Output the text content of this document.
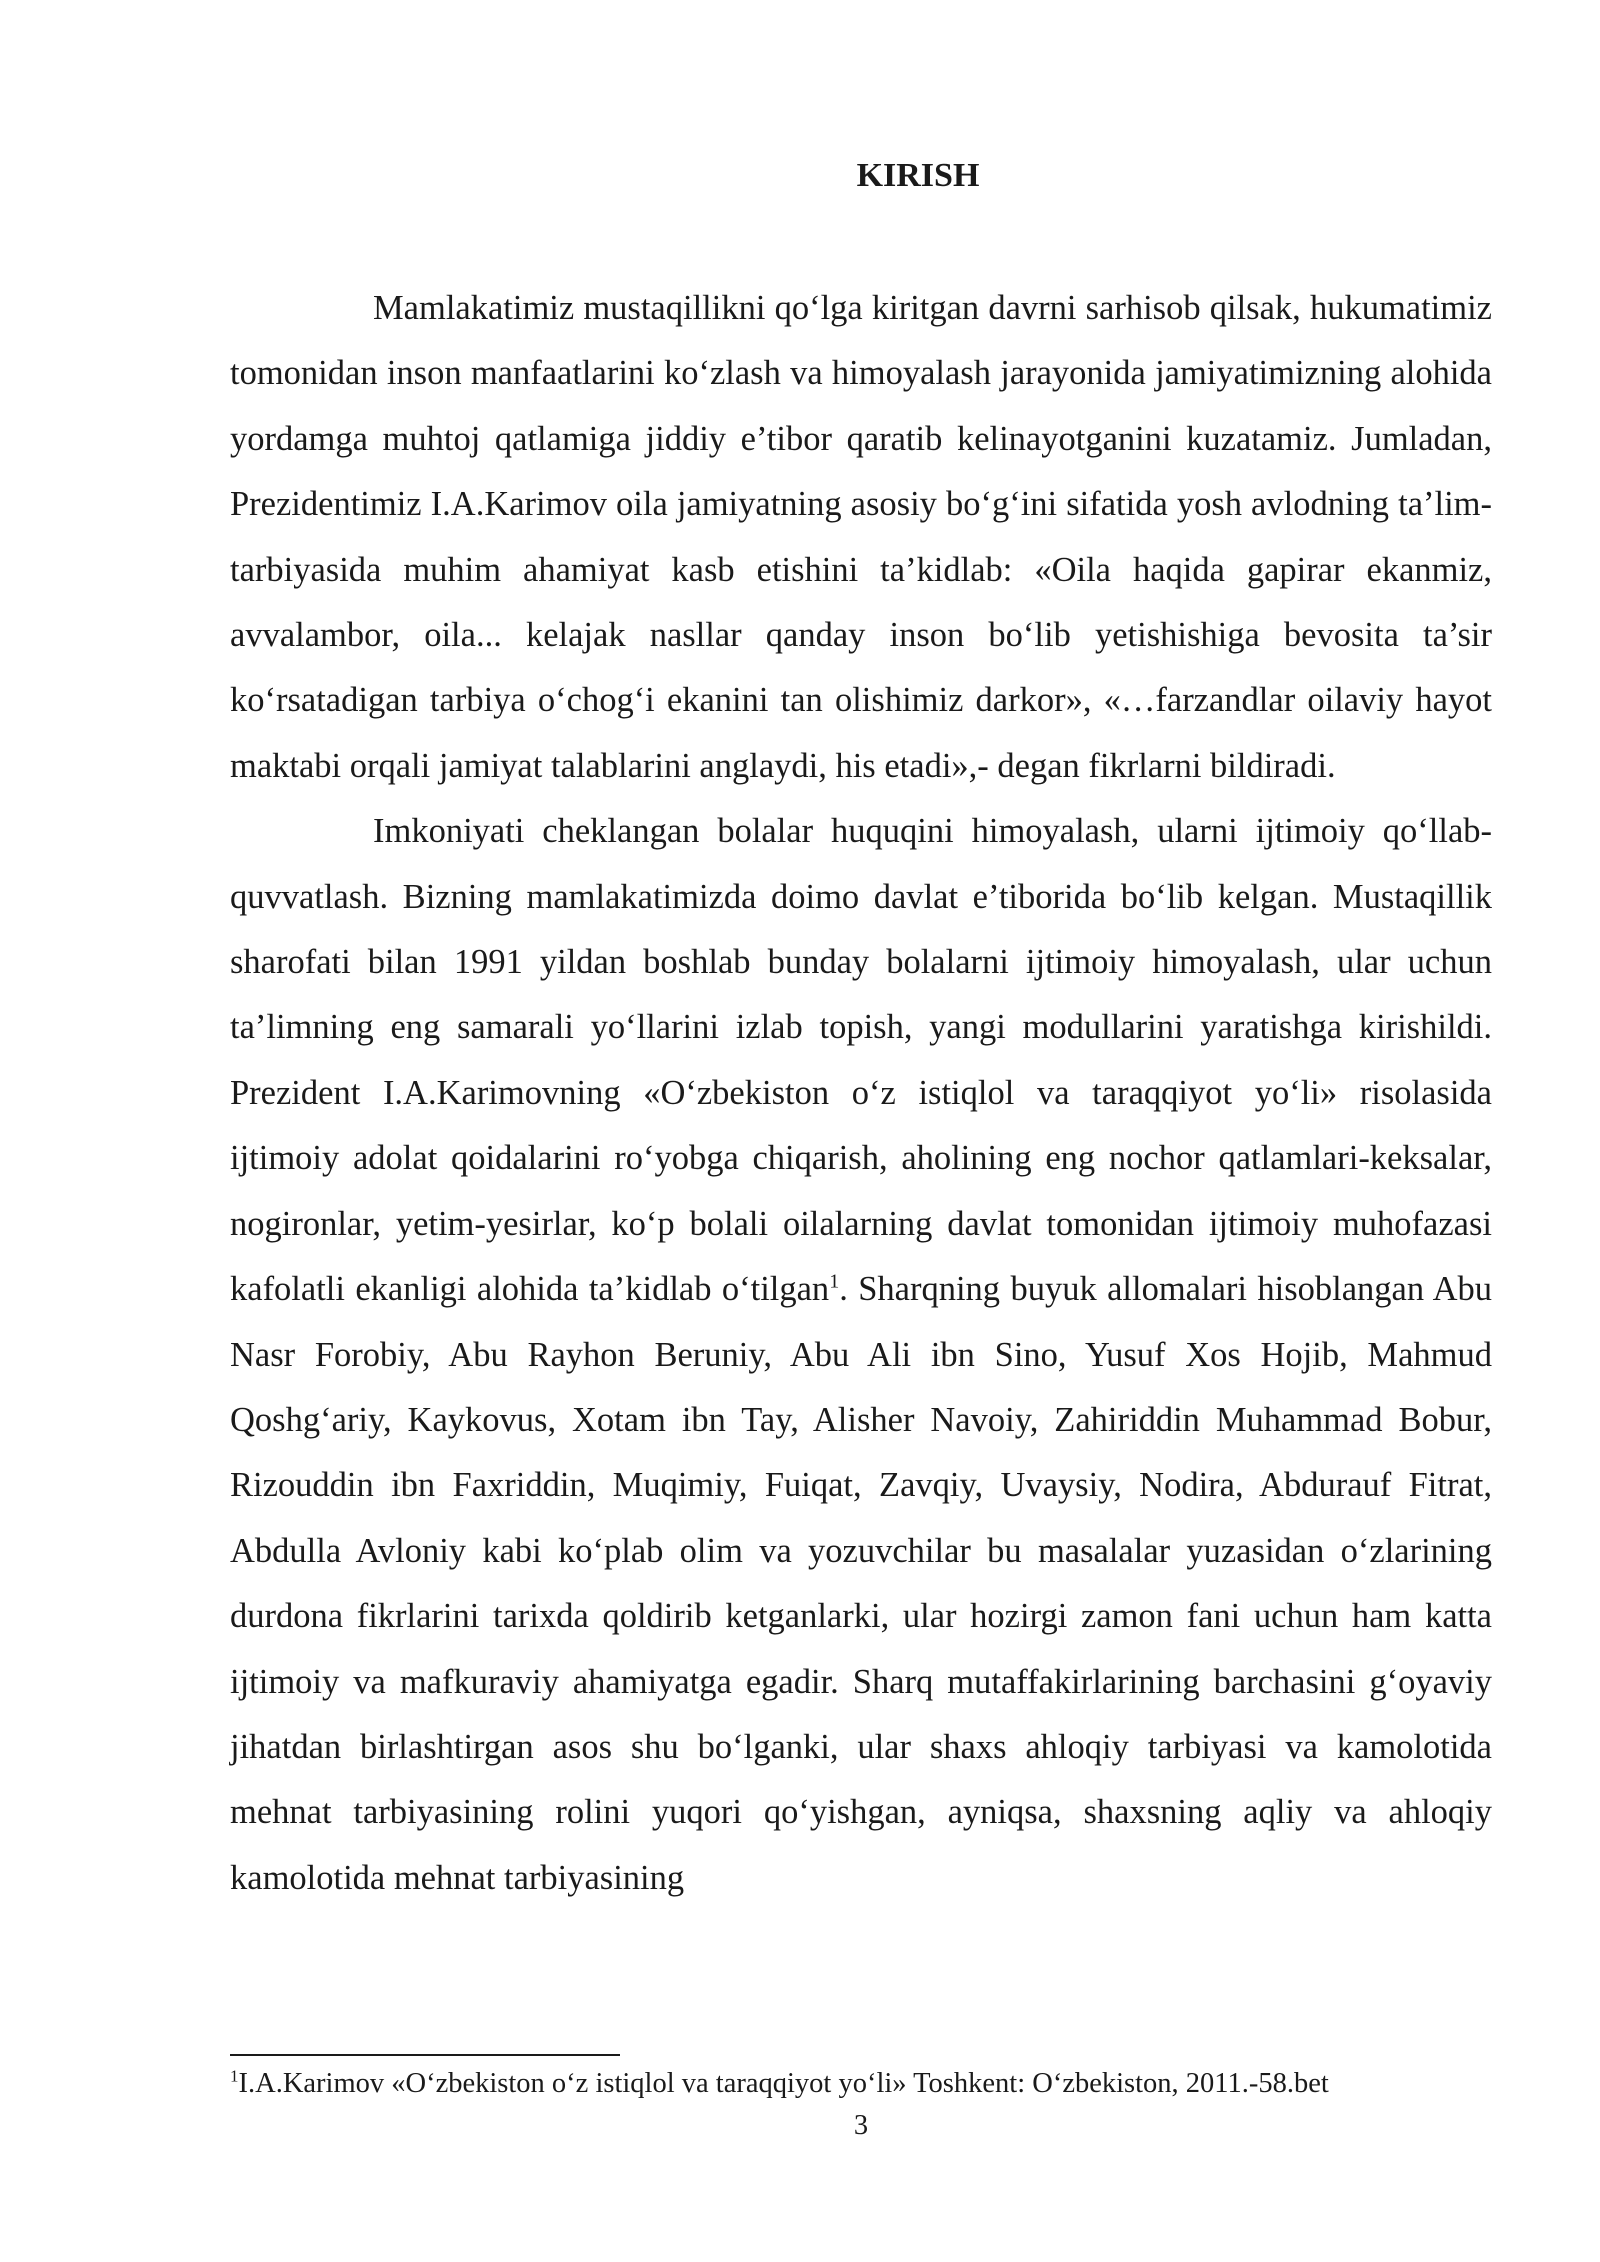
KIRISH

Mamlakatimiz mustaqillikni qo‘lga kiritgan davrni sarhisob qilsak, hukumatimiz tomonidan inson manfaatlarini ko‘zlash va himoyalash jarayonida jamiyatimizning alohida yordamga muhtoj qatlamiga jiddiy e’tibor qaratib kelinayotganini kuzatamiz. Jumladan, Prezidentimiz I.A.Karimov oila jamiyatning asosiy bo‘g‘ini sifatida yosh avlodning ta’lim-tarbiyasida muhim ahamiyat kasb etishini ta’kidlab: «Oila haqida gapirar ekanmiz, avvalambor, oila... kelajak nasllar qanday inson bo‘lib yetishishiga bevosita ta’sir ko‘rsatadigan tarbiya o‘chog‘i ekanini tan olishimiz darkor», «…farzandlar oilaviy hayot maktabi orqali jamiyat talablarini anglaydi, his etadi»,- degan fikrlarni bildiradi.

Imkoniyati cheklangan bolalar huquqini himoyalash, ularni ijtimoiy qo‘llab-quvvatlash. Bizning mamlakatimizda doimo davlat e’tiborida bo‘lib kelgan. Mustaqillik sharofati bilan 1991 yildan boshlab bunday bolalarni ijtimoiy himoyalash, ular uchun ta’limning eng samarali yo‘llarini izlab topish, yangi modullarini yaratishga kirishildi. Prezident I.A.Karimovning «O‘zbekiston o‘z istiqlol va taraqqiyot yo‘li» risolasida ijtimoiy adolat qoidalarini ro‘yobga chiqarish, aholining eng nochor qatlamlari-keksalar, nogironlar, yetim-yesirlar, ko‘p bolali oilalarning davlat tomonidan ijtimoiy muhofazasi kafolatli ekanligi alohida ta’kidlab o‘tilgan$^1$. Sharqning buyuk allomalari hisoblangan Abu Nasr Forobiy, Abu Rayhon Beruniy, Abu Ali ibn Sino, Yusuf Xos Hojib, Mahmud Qoshg‘ariy, Kaykovus, Xotam ibn Tay, Alisher Navoiy, Zahiriddin Muhammad Bobur, Rizouddin ibn Faxriddin, Muqimiy, Fuiqat, Zavqiy, Uvaysiy, Nodira, Abdurauf Fitrat, Abdulla Avloniy kabi ko‘plab olim va yozuvchilar bu masalalar yuzasidan o‘zlarining durdona fikrlarini tarixda qoldirib ketganlarki, ular hozirgi zamon fani uchun ham katta ijtimoiy va mafkuraviy ahamiyatga egadir. Sharq mutaffakirlarining barchasini g‘oyaviy jihatdan birlashtirgan asos shu bo‘lganki, ular shaxs ahloqiy tarbiyasi va kamolotida mehnat tarbiyasining rolini yuqori qo‘yishgan, ayniqsa, shaxsning aqliy va ahloqiy kamolotida mehnat tarbiyasining

$^1$I.A.Karimov «O‘zbekiston o‘z istiqlol va taraqqiyot yo‘li» Toshkent: O‘zbekiston, 2011.-58.bet

3
